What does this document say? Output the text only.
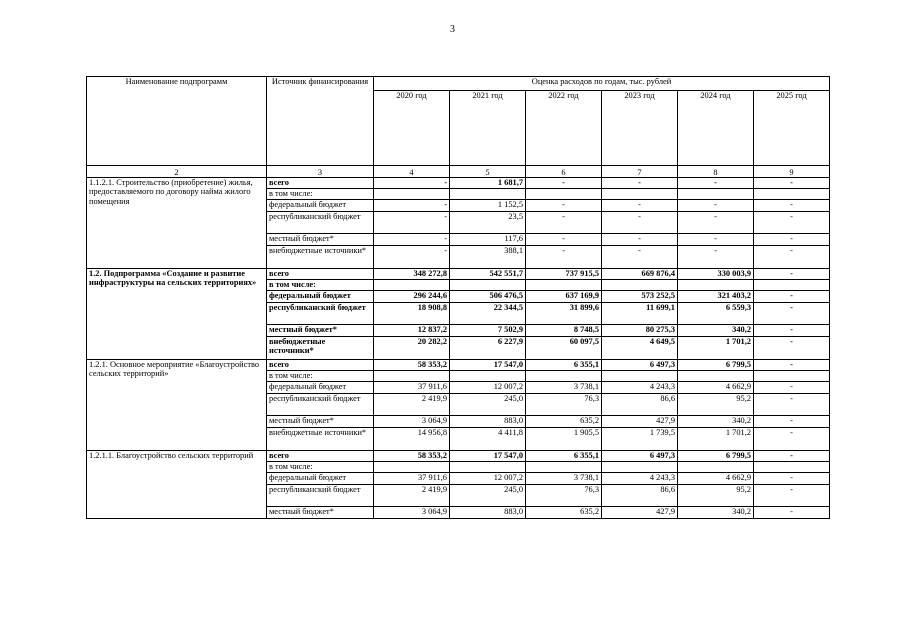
3
Наименование подпрограмм	Источник финансирования	Оценка расходов по годам, тыс. рублей					
		2020 год	2021 год	2022 год	2023 год	2024 год	2025 год
2	3	4	5	6	7	8	9
1.1.2.1. Строительство (приобретение) жилья, предоставляемого по договору найма жилого помещения	всего	-	1 681,7	-	-	-	-
	в том числе:						
	федеральный бюджет	-	1 152,5	-	-	-	-
	республиканский бюджет	-	23,5	-	-	-	-
	местный бюджет*	-	117,6	-	-	-	-
	внебюджетные источники*	-	388,1	-	-	-	-
1.2. Подпрограмма «Создание и развитие инфраструктуры на сельских территориях»	всего	348 272,8	542 551,7	737 915,5	669 876,4	330 003,9	-
	в том числе:						
	федеральный бюджет	296 244,6	506 476,5	637 169,9	573 252,5	321 403,2	-
	республиканский бюджет	18 908,8	22 344,5	31 899,6	11 699,1	6 559,3	-
	местный бюджет*	12 837,2	7 502,9	8 748,5	80 275,3	340,2	-
	внебюджетные источники*	20 282,2	6 227,9	60 097,5	4 649,5	1 701,2	-
1.2.1. Основное мероприятие «Благоустройство сельских территорий»	всего	58 353,2	17 547,0	6 355,1	6 497,3	6 799,5	-
	в том числе:						
	федеральный бюджет	37 911,6	12 007,2	3 738,1	4 243,3	4 662,9	-
	республиканский бюджет	2 419,9	245,0	76,3	86,6	95,2	-
	местный бюджет*	3 064,9	883,0	635,2	427,9	340,2	-
	внебюджетные источники*	14 956,8	4 411,8	1 905,5	1 739,5	1 701,2	-
1.2.1.1. Благоустройство сельских территорий	всего	58 353,2	17 547,0	6 355,1	6 497,3	6 799,5	-
	в том числе:						
	федеральный бюджет	37 911,6	12 007,2	3 738,1	4 243,3	4 662,9	-
	республиканский бюджет	2 419,9	245,0	76,3	86,6	95,2	-
	местный бюджет*	3 064,9	883,0	635,2	427,9	340,2	-
